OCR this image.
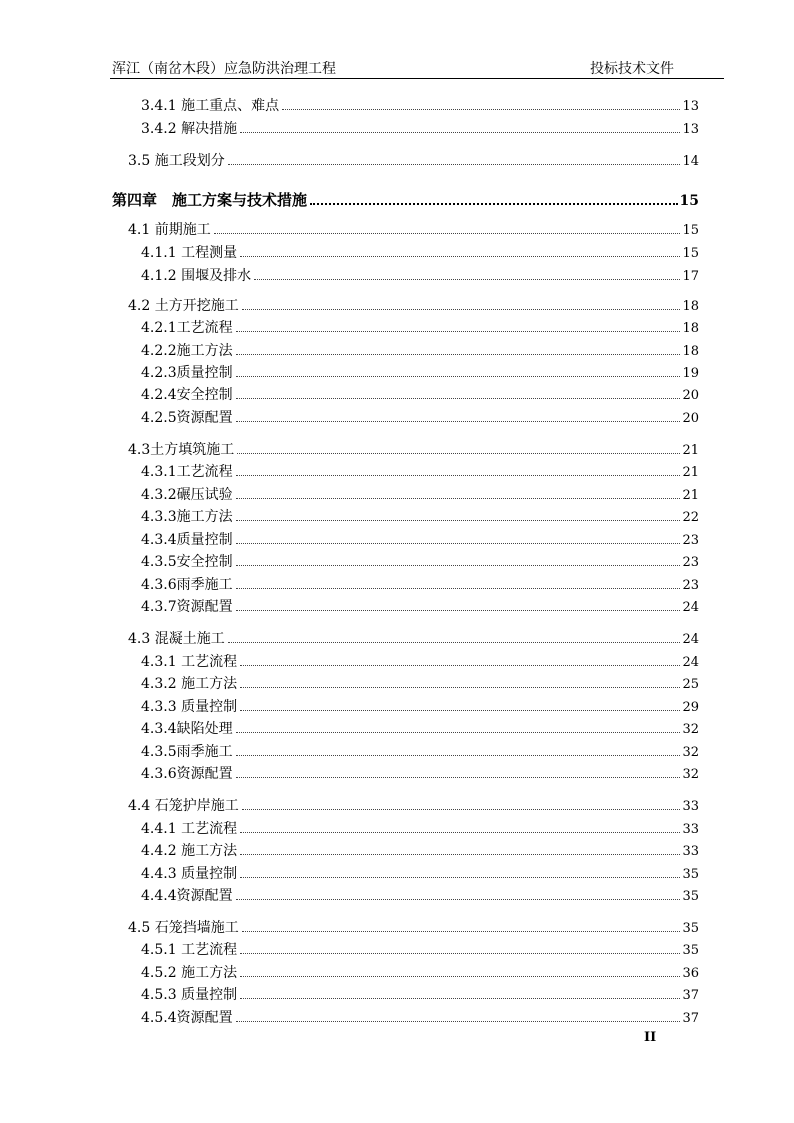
浑江（南岔木段）应急防洪治理工程	投标技术文件
3.4.1 施工重点、难点	13
3.4.2 解决措施	13
3.5 施工段划分	14
第四章　施工方案与技术措施	15
4.1 前期施工	15
4.1.1 工程测量	15
4.1.2 围堰及排水	17
4.2 土方开挖施工	18
4.2.1工艺流程	18
4.2.2施工方法	18
4.2.3质量控制	19
4.2.4安全控制	20
4.2.5资源配置	20
4.3土方填筑施工	21
4.3.1工艺流程	21
4.3.2碾压试验	21
4.3.3施工方法	22
4.3.4质量控制	23
4.3.5安全控制	23
4.3.6雨季施工	23
4.3.7资源配置	24
4.3 混凝土施工	24
4.3.1 工艺流程	24
4.3.2 施工方法	25
4.3.3 质量控制	29
4.3.4缺陷处理	32
4.3.5雨季施工	32
4.3.6资源配置	32
4.4 石笼护岸施工	33
4.4.1 工艺流程	33
4.4.2 施工方法	33
4.4.3 质量控制	35
4.4.4资源配置	35
4.5 石笼挡墙施工	35
4.5.1 工艺流程	35
4.5.2 施工方法	36
4.5.3 质量控制	37
4.5.4资源配置	37
II
